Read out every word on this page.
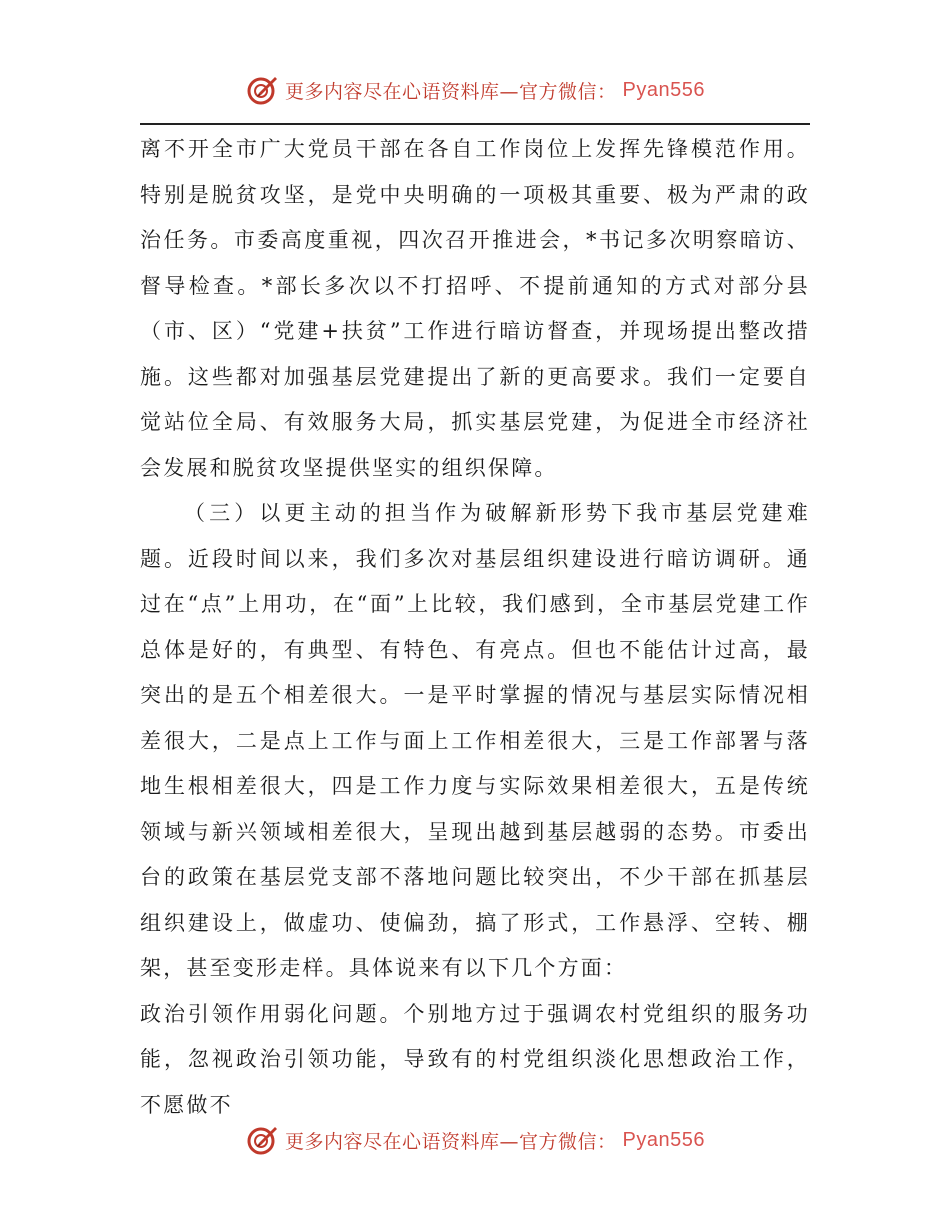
更多内容尽在心语资料库—官方微信： Pyan556

离不开全市广大党员干部在各自工作岗位上发挥先锋模范作用。特别是脱贫攻坚，是党中央明确的一项极其重要、极为严肃的政治任务。市委高度重视，四次召开推进会，*书记多次明察暗访、督导检查。*部长多次以不打招呼、不提前通知的方式对部分县（市、区）“党建+扶贫”工作进行暗访督查，并现场提出整改措施。这些都对加强基层党建提出了新的更高要求。我们一定要自觉站位全局、有效服务大局，抓实基层党建，为促进全市经济社会发展和脱贫攻坚提供坚实的组织保障。

（三）以更主动的担当作为破解新形势下我市基层党建难题。近段时间以来，我们多次对基层组织建设进行暗访调研。通过在“点”上用功，在“面”上比较，我们感到，全市基层党建工作总体是好的，有典型、有特色、有亮点。但也不能估计过高，最突出的是五个相差很大。一是平时掌握的情况与基层实际情况相差很大，二是点上工作与面上工作相差很大，三是工作部署与落地生根相差很大，四是工作力度与实际效果相差很大，五是传统领域与新兴领域相差很大，呈现出越到基层越弱的态势。市委出台的政策在基层党支部不落地问题比较突出，不少干部在抓基层组织建设上，做虚功、使偏劲，搞了形式，工作悬浮、空转、棚架，甚至变形走样。具体说来有以下几个方面：

政治引领作用弱化问题。个别地方过于强调农村党组织的服务功能，忽视政治引领功能，导致有的村党组织淡化思想政治工作，不愿做不

更多内容尽在心语资料库—官方微信： Pyan556
